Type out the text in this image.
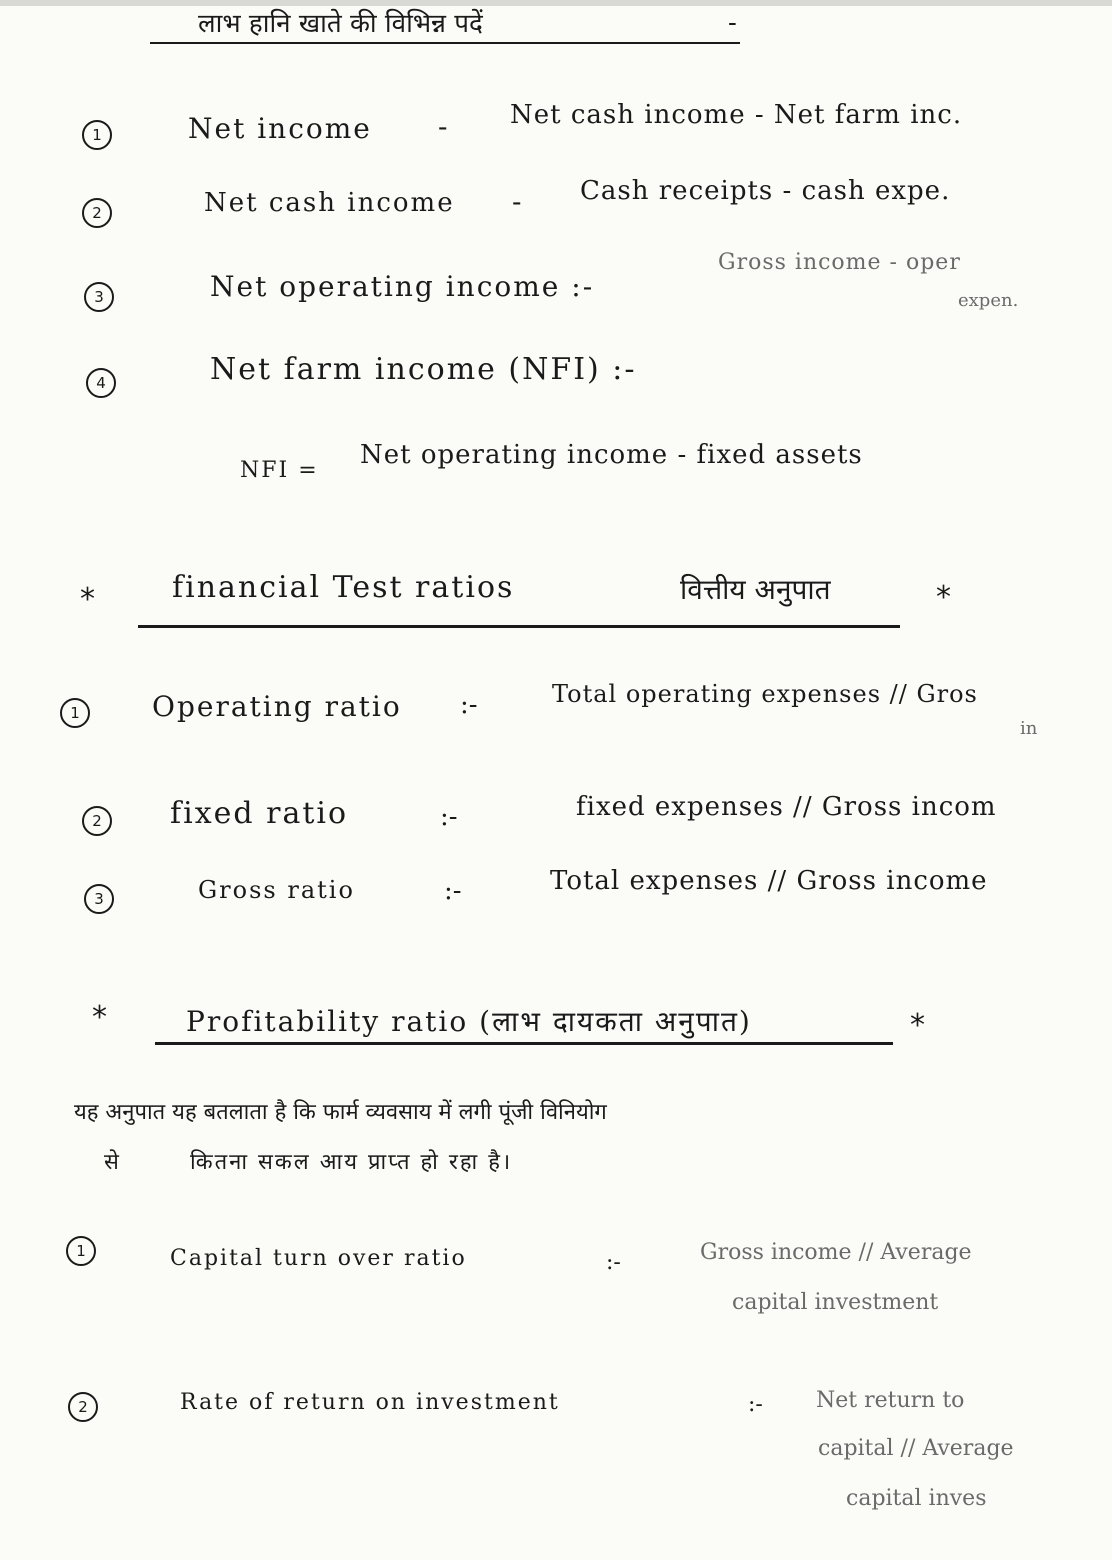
लाभ हानि खाते की विभिन्न पदें	-
1	Net income - Net cash income - Net farm inc.
2	Net cash income - Cash receipts - cash expe.
3	Net operating income :-
Gross income - oper
expen.
4	Net farm income (NFI) :-
NFI =
Net operating income - fixed assets
*	financial Test ratios	वित्तीय अनुपात	*
1	Operating ratio :-	Total operating expenses // Gros
in
2	fixed ratio	:-	fixed expenses // Gross incom
3	Gross ratio	:-	Total expenses // Gross income
*	Profitability ratio (लाभ दायकता अनुपात)	*
यह अनुपात यह बतलाता है कि फार्म व्यवसाय में लगी पूंजी विनियोग
से	कितना सकल आय प्राप्त हो रहा है।
1	Capital turn over ratio	:-	Gross income // Average
capital investment
2	Rate of return on investment	:- Net return to
capital // Average
capital inves
